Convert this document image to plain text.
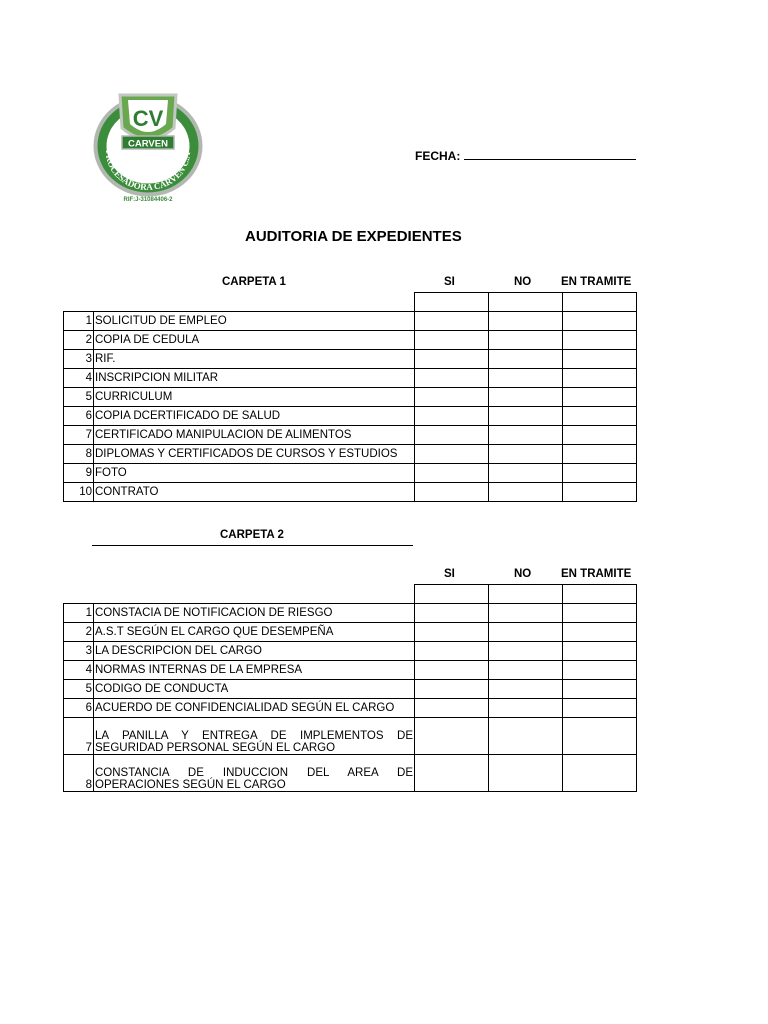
CV
CARVEN
PROCESADORA CARVEN C.A
RIF:J-31084406-2
FECHA:
AUDITORIA DE EXPEDIENTES
CARPETA 1	SI	NO	EN TRAMITE

1	SOLICITUD DE EMPLEO			
2	COPIA DE CEDULA			
3	RIF.			
4	INSCRIPCION MILITAR			
5	CURRICULUM			
6	COPIA DCERTIFICADO DE SALUD			
7	CERTIFICADO MANIPULACION DE ALIMENTOS			
8	DIPLOMAS Y CERTIFICADOS DE CURSOS Y ESTUDIOS			
9	FOTO			
10	CONTRATO			
CARPETA 2
SI	NO	EN TRAMITE

1	CONSTACIA DE NOTIFICACION DE RIESGO			
2	A.S.T SEGÚN EL CARGO QUE DESEMPEÑA			
3	LA DESCRIPCION DEL CARGO			
4	NORMAS INTERNAS DE LA EMPRESA			
5	CODIGO DE CONDUCTA			
6	ACUERDO DE CONFIDENCIALIDAD SEGÚN EL CARGO			
7	LA PANILLA Y ENTREGA DE IMPLEMENTOS DE SEGURIDAD PERSONAL SEGÚN EL CARGO			
8	CONSTANCIA DE INDUCCION DEL AREA DE OPERACIONES SEGÚN EL CARGO			
